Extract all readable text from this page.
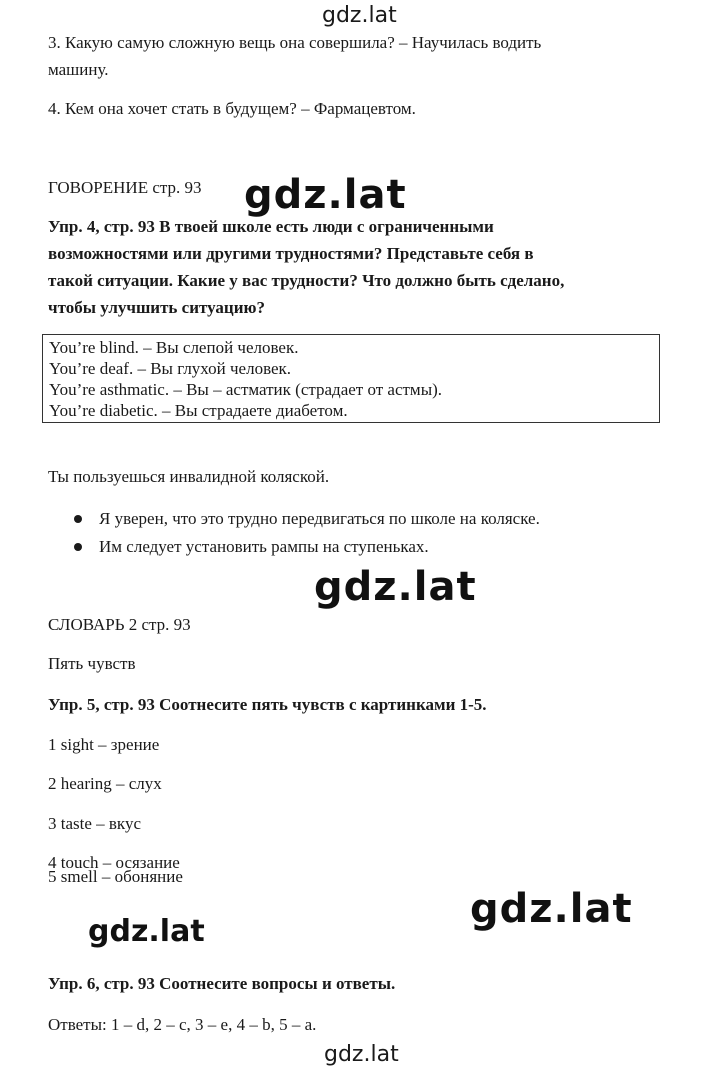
gdz.lat
3. Какую самую сложную вещь она совершила? – Научилась водить
машину.
4. Кем она хочет стать в будущем? – Фармацевтом.
ГОВОРЕНИЕ стр. 93 gdz.lat
Упр. 4, стр. 93 В твоей школе есть люди с ограниченными
возможностями или другими трудностями? Представьте себя в
такой ситуации. Какие у вас трудности? Что должно быть сделано,
чтобы улучшить ситуацию?
You’re blind. – Вы слепой человек.
You’re deaf. – Вы глухой человек.
You’re asthmatic. – Вы – астматик (страдает от астмы).
You’re diabetic. – Вы страдаете диабетом.
Ты пользуешься инвалидной коляской.
Я уверен, что это трудно передвигаться по школе на коляске.
Им следует установить рампы на ступеньках.
gdz.lat
СЛОВАРЬ 2 стр. 93
Пять чувств
Упр. 5, стр. 93 Соотнесите пять чувств с картинками 1-5.
1 sight – зрение
2 hearing – слух
3 taste – вкус
4 touch – осязание
5 smell – обоняние
gdz.lat	gdz.lat
Упр. 6, стр. 93 Соотнесите вопросы и ответы.
Ответы: 1 – d, 2 – c, 3 – e, 4 – b, 5 – a.
gdz.lat
